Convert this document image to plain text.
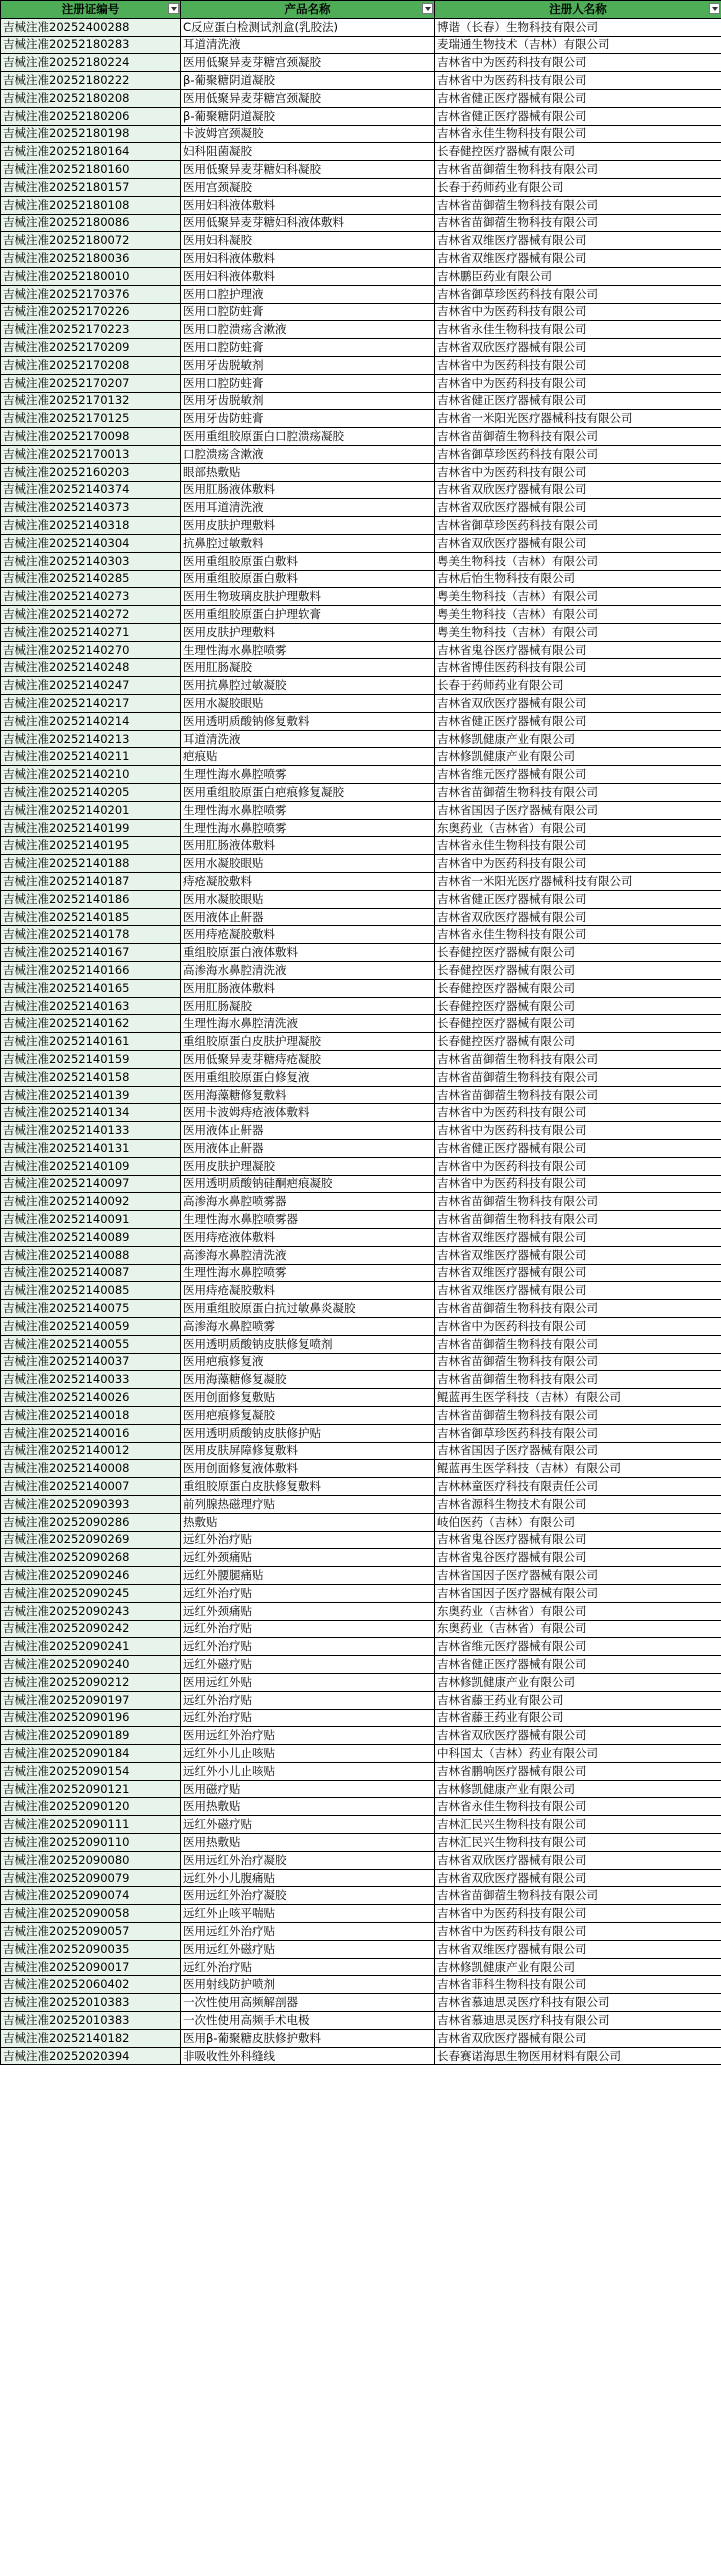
注册证编号	产品名称	注册人名称

吉械注准20252400288	C反应蛋白检测试剂盒(乳胶法)	博谐（长春）生物科技有限公司
吉械注准20252180283	耳道清洗液	麦瑞通生物技术（吉林）有限公司
吉械注准20252180224	医用低聚异麦芽糖宫颈凝胶	吉林省中为医药科技有限公司
吉械注准20252180222	β-葡聚糖阴道凝胶	吉林省中为医药科技有限公司
吉械注准20252180208	医用低聚异麦芽糖宫颈凝胶	吉林省健正医疗器械有限公司
吉械注准20252180206	β-葡聚糖阴道凝胶	吉林省健正医疗器械有限公司
吉械注准20252180198	卡波姆宫颈凝胶	吉林省永佳生物科技有限公司
吉械注准20252180164	妇科阻菌凝胶	长春健控医疗器械有限公司
吉械注准20252180160	医用低聚异麦芽糖妇科凝胶	吉林省苗御蓿生物科技有限公司
吉械注准20252180157	医用宫颈凝胶	长春于药师药业有限公司
吉械注准20252180108	医用妇科液体敷料	吉林省苗御蓿生物科技有限公司
吉械注准20252180086	医用低聚异麦芽糖妇科液体敷料	吉林省苗御蓿生物科技有限公司
吉械注准20252180072	医用妇科凝胶	吉林省双维医疗器械有限公司
吉械注准20252180036	医用妇科液体敷料	吉林省双维医疗器械有限公司
吉械注准20252180010	医用妇科液体敷料	吉林鹏臣药业有限公司
吉械注准20252170376	医用口腔护理液	吉林省御草珍医药科技有限公司
吉械注准20252170226	医用口腔防蛀膏	吉林省中为医药科技有限公司
吉械注准20252170223	医用口腔溃疡含漱液	吉林省永佳生物科技有限公司
吉械注准20252170209	医用口腔防蛀膏	吉林省双欣医疗器械有限公司
吉械注准20252170208	医用牙齿脱敏剂	吉林省中为医药科技有限公司
吉械注准20252170207	医用口腔防蛀膏	吉林省中为医药科技有限公司
吉械注准20252170132	医用牙齿脱敏剂	吉林省健正医疗器械有限公司
吉械注准20252170125	医用牙齿防蛀膏	吉林省一米阳光医疗器械科技有限公司
吉械注准20252170098	医用重组胶原蛋白口腔溃疡凝胶	吉林省苗御蓿生物科技有限公司
吉械注准20252170013	口腔溃疡含漱液	吉林省御草珍医药科技有限公司
吉械注准20252160203	眼部热敷贴	吉林省中为医药科技有限公司
吉械注准20252140374	医用肛肠液体敷料	吉林省双欣医疗器械有限公司
吉械注准20252140373	医用耳道清洗液	吉林省双欣医疗器械有限公司
吉械注准20252140318	医用皮肤护理敷料	吉林省御草珍医药科技有限公司
吉械注准20252140304	抗鼻腔过敏敷料	吉林省双欣医疗器械有限公司
吉械注准20252140303	医用重组胶原蛋白敷料	粤美生物科技（吉林）有限公司
吉械注准20252140285	医用重组胶原蛋白敷料	吉林后怡生物科技有限公司
吉械注准20252140273	医用生物玻璃皮肤护理敷料	粤美生物科技（吉林）有限公司
吉械注准20252140272	医用重组胶原蛋白护理软膏	粤美生物科技（吉林）有限公司
吉械注准20252140271	医用皮肤护理敷料	粤美生物科技（吉林）有限公司
吉械注准20252140270	生理性海水鼻腔喷雾	吉林省鬼谷医疗器械有限公司
吉械注准20252140248	医用肛肠凝胶	吉林省博佳医药科技有限公司
吉械注准20252140247	医用抗鼻腔过敏凝胶	长春于药师药业有限公司
吉械注准20252140217	医用水凝胶眼贴	吉林省双欣医疗器械有限公司
吉械注准20252140214	医用透明质酸钠修复敷料	吉林省健正医疗器械有限公司
吉械注准20252140213	耳道清洗液	吉林修凯健康产业有限公司
吉械注准20252140211	疤痕贴	吉林修凯健康产业有限公司
吉械注准20252140210	生理性海水鼻腔喷雾	吉林省维元医疗器械有限公司
吉械注准20252140205	医用重组胶原蛋白疤痕修复凝胶	吉林省苗御蓿生物科技有限公司
吉械注准20252140201	生理性海水鼻腔喷雾	吉林省国因子医疗器械有限公司
吉械注准20252140199	生理性海水鼻腔喷雾	东奥药业（吉林省）有限公司
吉械注准20252140195	医用肛肠液体敷料	吉林省永佳生物科技有限公司
吉械注准20252140188	医用水凝胶眼贴	吉林省中为医药科技有限公司
吉械注准20252140187	痔疮凝胶敷料	吉林省一米阳光医疗器械科技有限公司
吉械注准20252140186	医用水凝胶眼贴	吉林省健正医疗器械有限公司
吉械注准20252140185	医用液体止鼾器	吉林省双欣医疗器械有限公司
吉械注准20252140178	医用痔疮凝胶敷料	吉林省永佳生物科技有限公司
吉械注准20252140167	重组胶原蛋白液体敷料	长春健控医疗器械有限公司
吉械注准20252140166	高渗海水鼻腔清洗液	长春健控医疗器械有限公司
吉械注准20252140165	医用肛肠液体敷料	长春健控医疗器械有限公司
吉械注准20252140163	医用肛肠凝胶	长春健控医疗器械有限公司
吉械注准20252140162	生理性海水鼻腔清洗液	长春健控医疗器械有限公司
吉械注准20252140161	重组胶原蛋白皮肤护理凝胶	长春健控医疗器械有限公司
吉械注准20252140159	医用低聚异麦芽糖痔疮凝胶	吉林省苗御蓿生物科技有限公司
吉械注准20252140158	医用重组胶原蛋白修复液	吉林省苗御蓿生物科技有限公司
吉械注准20252140139	医用海藻糖修复敷料	吉林省苗御蓿生物科技有限公司
吉械注准20252140134	医用卡波姆痔疮液体敷料	吉林省中为医药科技有限公司
吉械注准20252140133	医用液体止鼾器	吉林省中为医药科技有限公司
吉械注准20252140131	医用液体止鼾器	吉林省健正医疗器械有限公司
吉械注准20252140109	医用皮肤护理凝胶	吉林省中为医药科技有限公司
吉械注准20252140097	医用透明质酸钠硅酮疤痕凝胶	吉林省中为医药科技有限公司
吉械注准20252140092	高渗海水鼻腔喷雾器	吉林省苗御蓿生物科技有限公司
吉械注准20252140091	生理性海水鼻腔喷雾器	吉林省苗御蓿生物科技有限公司
吉械注准20252140089	医用痔疮液体敷料	吉林省双维医疗器械有限公司
吉械注准20252140088	高渗海水鼻腔清洗液	吉林省双维医疗器械有限公司
吉械注准20252140087	生理性海水鼻腔喷雾	吉林省双维医疗器械有限公司
吉械注准20252140085	医用痔疮凝胶敷料	吉林省双维医疗器械有限公司
吉械注准20252140075	医用重组胶原蛋白抗过敏鼻炎凝胶	吉林省苗御蓿生物科技有限公司
吉械注准20252140059	高渗海水鼻腔喷雾	吉林省中为医药科技有限公司
吉械注准20252140055	医用透明质酸钠皮肤修复喷剂	吉林省苗御蓿生物科技有限公司
吉械注准20252140037	医用疤痕修复液	吉林省苗御蓿生物科技有限公司
吉械注准20252140033	医用海藻糖修复凝胶	吉林省苗御蓿生物科技有限公司
吉械注准20252140026	医用创面修复敷贴	鲲蓝再生医学科技（吉林）有限公司
吉械注准20252140018	医用疤痕修复凝胶	吉林省苗御蓿生物科技有限公司
吉械注准20252140016	医用透明质酸钠皮肤修护贴	吉林省御草珍医药科技有限公司
吉械注准20252140012	医用皮肤屏障修复敷料	吉林省国因子医疗器械有限公司
吉械注准20252140008	医用创面修复液体敷料	鲲蓝再生医学科技（吉林）有限公司
吉械注准20252140007	重组胶原蛋白皮肤修复敷料	吉林林童医疗科技有限责任公司
吉械注准20252090393	前列腺热磁理疗贴	吉林省源科生物技术有限公司
吉械注准20252090286	热敷贴	岐伯医药（吉林）有限公司
吉械注准20252090269	远红外治疗贴	吉林省鬼谷医疗器械有限公司
吉械注准20252090268	远红外颈痛贴	吉林省鬼谷医疗器械有限公司
吉械注准20252090246	远红外腰腿痛贴	吉林省国因子医疗器械有限公司
吉械注准20252090245	远红外治疗贴	吉林省国因子医疗器械有限公司
吉械注准20252090243	远红外颈痛贴	东奥药业（吉林省）有限公司
吉械注准20252090242	远红外治疗贴	东奥药业（吉林省）有限公司
吉械注准20252090241	远红外治疗贴	吉林省维元医疗器械有限公司
吉械注准20252090240	远红外磁疗贴	吉林省健正医疗器械有限公司
吉械注准20252090212	医用远红外贴	吉林修凯健康产业有限公司
吉械注准20252090197	远红外治疗贴	吉林省藤王药业有限公司
吉械注准20252090196	远红外治疗贴	吉林省藤王药业有限公司
吉械注准20252090189	医用远红外治疗贴	吉林省双欣医疗器械有限公司
吉械注准20252090184	远红外小儿止咳贴	中科国太（吉林）药业有限公司
吉械注准20252090154	远红外小儿止咳贴	吉林省鹏响医疗器械有限公司
吉械注准20252090121	医用磁疗贴	吉林修凯健康产业有限公司
吉械注准20252090120	医用热敷贴	吉林省永佳生物科技有限公司
吉械注准20252090111	远红外磁疗贴	吉林汇民兴生物科技有限公司
吉械注准20252090110	医用热敷贴	吉林汇民兴生物科技有限公司
吉械注准20252090080	医用远红外治疗凝胶	吉林省双欣医疗器械有限公司
吉械注准20252090079	远红外小儿腹痛贴	吉林省双欣医疗器械有限公司
吉械注准20252090074	医用远红外治疗凝胶	吉林省苗御蓿生物科技有限公司
吉械注准20252090058	远红外止咳平喘贴	吉林省中为医药科技有限公司
吉械注准20252090057	医用远红外治疗贴	吉林省中为医药科技有限公司
吉械注准20252090035	医用远红外磁疗贴	吉林省双维医疗器械有限公司
吉械注准20252090017	远红外治疗贴	吉林修凯健康产业有限公司
吉械注准20252060402	医用射线防护喷剂	吉林省菲科生物科技有限公司
吉械注准20252010383	一次性使用高频解剖器	吉林省慕迪思灵医疗科技有限公司
吉械注准20252010383	一次性使用高频手术电极	吉林省慕迪思灵医疗科技有限公司
吉械注准20252140182	医用β-葡聚糖皮肤修护敷料	吉林省双欣医疗器械有限公司
吉械注准20252020394	非吸收性外科缝线	长春赛诺海思生物医用材料有限公司
